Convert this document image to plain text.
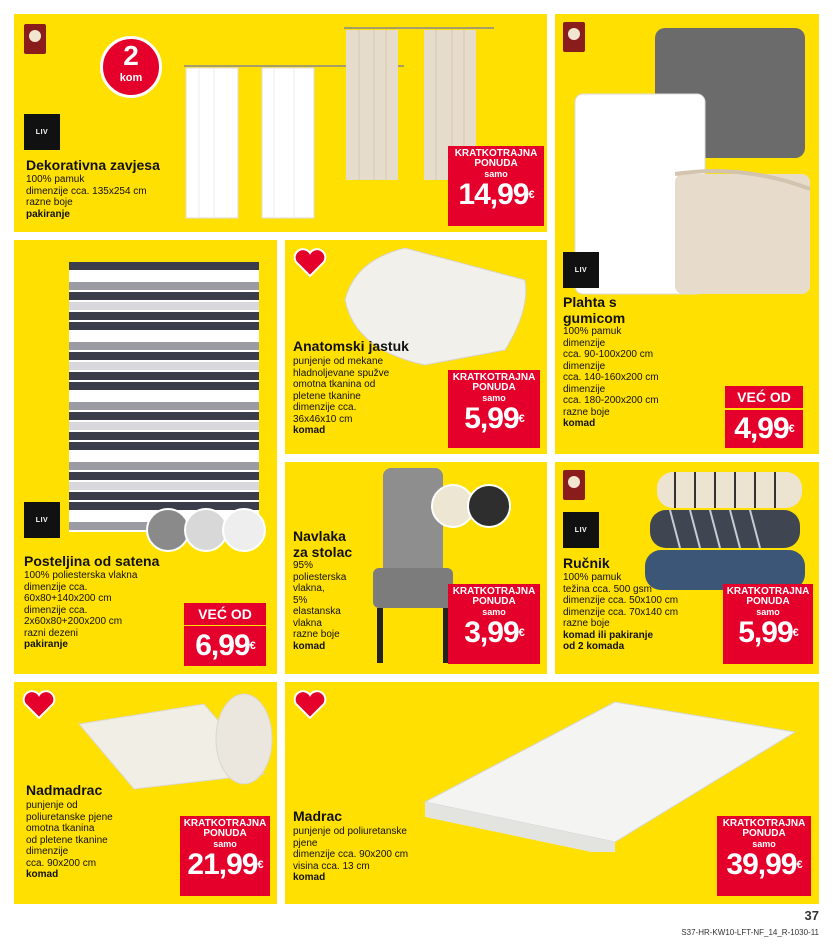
2
kom
LIV
Dekorativna zavjesa
100% pamuk
dimenzije cca. 135x254 cm
razne boje
pakiranje
KRATKOTRAJNA
PONUDA
samo
14,99€
LIV
Plahta s
gumicom
100% pamuk
dimenzije
cca. 90-100x200 cm
dimenzije
cca. 140-160x200 cm
dimenzije
cca. 180-200x200 cm
razne boje
komad
VEĆ OD
4,99€
LIV
Posteljina od satena
100% poliesterska vlakna
dimenzije cca.
60x80+140x200 cm
dimenzije cca.
2x60x80+200x200 cm
razni dezeni
pakiranje
VEĆ OD
6,99€
Anatomski jastuk
punjenje od mekane
hladnoljevane spužve
omotna tkanina od
pletene tkanine
dimenzije cca.
36x46x10 cm
komad
KRATKOTRAJNA
PONUDA
samo
5,99€
Navlaka
za stolac
95%
poliesterska
vlakna,
5%
elastanska
vlakna
razne boje
komad
KRATKOTRAJNA
PONUDA
samo
3,99€
LIV
Ručnik
100% pamuk
težina cca. 500 gsm
dimenzije cca. 50x100 cm
dimenzije cca. 70x140 cm
razne boje
komad ili pakiranje
od 2 komada
KRATKOTRAJNA
PONUDA
samo
5,99€
Nadmadrac
punjenje od
poliuretanske pjene
omotna tkanina
od pletene tkanine
dimenzije
cca. 90x200 cm
komad
KRATKOTRAJNA
PONUDA
samo
21,99€
Madrac
punjenje od poliuretanske
pjene
dimenzije cca. 90x200 cm
visina cca. 13 cm
komad
KRATKOTRAJNA
PONUDA
samo
39,99€
37
S37-HR-KW10-LFT-NF_14_R-1030-11
